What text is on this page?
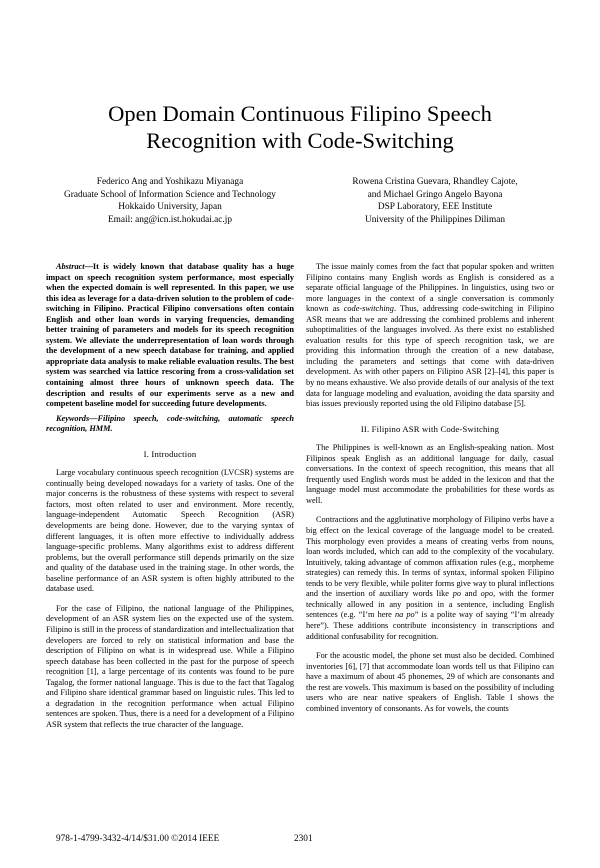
Open Domain Continuous Filipino Speech
Recognition with Code-Switching
Federico Ang and Yoshikazu Miyanaga
Graduate School of Information Science and Technology
Hokkaido University, Japan
Email: ang@icn.ist.hokudai.ac.jp
Rowena Cristina Guevara, Rhandley Cajote,
and Michael Gringo Angelo Bayona
DSP Laboratory, EEE Institute
University of the Philippines Diliman

Abstract—It is widely known that database quality has a huge impact on speech recognition system performance, most especially when the expected domain is well represented. In this paper, we use this idea as leverage for a data-driven solution to the problem of code-switching in Filipino. Practical Filipino conversations often contain English and other loan words in varying frequencies, demanding better training of parameters and models for its speech recognition system. We alleviate the underrepresentation of loan words through the development of a new speech database for training, and applied appropriate data analysis to make reliable evaluation results. The best system was searched via lattice rescoring from a cross-validation set containing almost three hours of unknown speech data. The description and results of our experiments serve as a new and competent baseline model for succeeding future developments.

Keywords—Filipino speech, code-switching, automatic speech recognition, HMM.

I. Introduction

Large vocabulary continuous speech recognition (LVCSR) systems are continually being developed nowadays for a variety of tasks. One of the major concerns is the robustness of these systems with respect to several factors, most often related to user and environment. More recently, language-independent Automatic Speech Recognition (ASR) developments are being done. However, due to the varying syntax of different languages, it is often more effective to individually address language-specific problems. Many algorithms exist to address different problems, but the overall performance still depends primarily on the size and quality of the database used in the training stage. In other words, the baseline performance of an ASR system is often highly attributed to the database used.

For the case of Filipino, the national language of the Philippines, development of an ASR system lies on the expected use of the system. Filipino is still in the process of standardization and intellectualization that developers are forced to rely on statistical information and base the description of Filipino on what is in widespread use. While a Filipino speech database has been collected in the past for the purpose of speech recognition [1], a large percentage of its contents was found to be pure Tagalog, the former national language. This is due to the fact that Tagalog and Filipino share identical grammar based on linguistic rules. This led to a degradation in the recognition performance when actual Filipino sentences are spoken. Thus, there is a need for a development of a Filipino ASR system that reflects the true character of the language.

The issue mainly comes from the fact that popular spoken and written Filipino contains many English words as English is considered as a separate official language of the Philippines. In linguistics, using two or more languages in the context of a single conversation is commonly known as code-switching. Thus, addressing code-switching in Filipino ASR means that we are addressing the combined problems and inherent suboptimalities of the languages involved. As there exist no established evaluation results for this type of speech recognition task, we are providing this information through the creation of a new database, including the parameters and settings that come with data-driven development. As with other papers on Filipino ASR [2]–[4], this paper is by no means exhaustive. We also provide details of our analysis of the text data for language modeling and evaluation, avoiding the data sparsity and bias issues previously reported using the old Filipino database [5].

II. Filipino ASR with Code-Switching

The Philippines is well-known as an English-speaking nation. Most Filipinos speak English as an additional language for daily, casual conversations. In the context of speech recognition, this means that all frequently used English words must be added in the lexicon and that the language model must accommodate the probabilities for these words as well.

Contractions and the agglutinative morphology of Filipino verbs have a big effect on the lexical coverage of the language model to be created. This morphology even provides a means of creating verbs from nouns, loan words included, which can add to the complexity of the vocabulary. Intuitively, taking advantage of common affixation rules (e.g., morpheme strategies) can remedy this. In terms of syntax, informal spoken Filipino tends to be very flexible, while politer forms give way to plural inflections and the insertion of auxiliary words like po and opo, with the former technically allowed in any position in a sentence, including English sentences (e.g. “I’m here na po” is a polite way of saying “I’m already here”). These additions contribute inconsistency in transcriptions and additional confusability for recognition.

For the acoustic model, the phone set must also be decided. Combined inventories [6], [7] that accommodate loan words tell us that Filipino can have a maximum of about 45 phonemes, 29 of which are consonants and the rest are vowels. This maximum is based on the possibility of including users who are near native speakers of English. Table I shows the combined inventory of consonants. As for vowels, the counts

978-1-4799-3432-4/14/$31.00 ©2014 IEEE	2301
